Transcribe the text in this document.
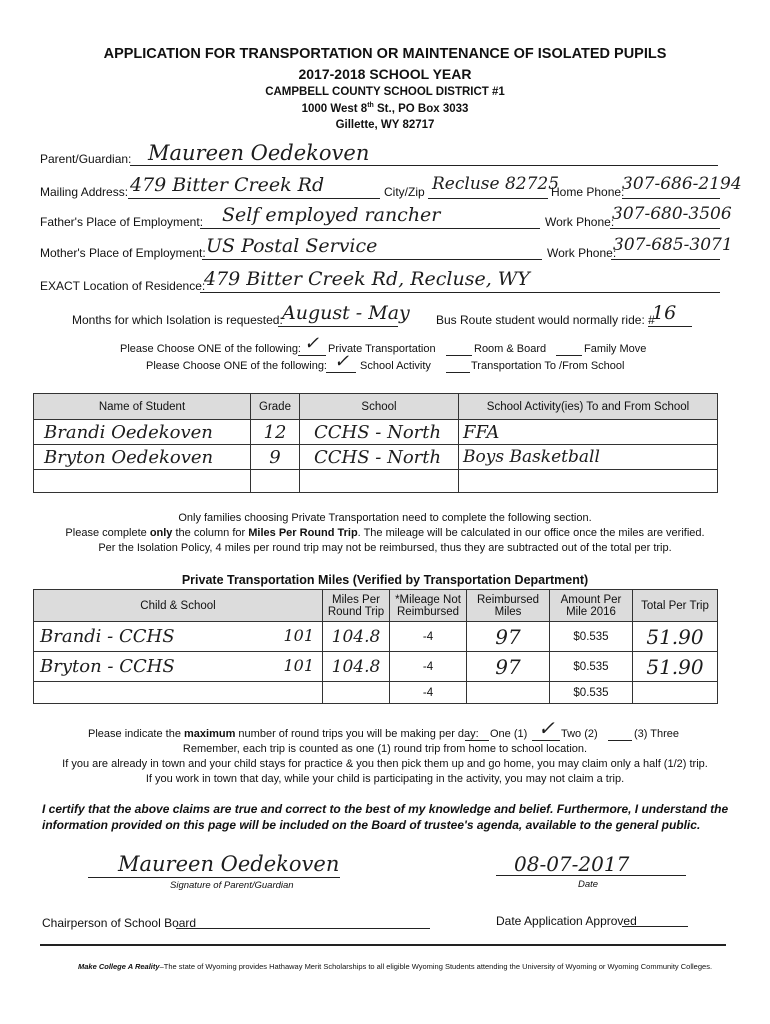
APPLICATION FOR TRANSPORTATION OR MAINTENANCE OF ISOLATED PUPILS
2017-2018 SCHOOL YEAR
CAMPBELL COUNTY SCHOOL DISTRICT #1
1000 West 8th St., PO Box 3033
Gillette, WY 82717
Parent/Guardian: Maureen Oedekoven
Mailing Address: 479 Bitter Creek Rd	City/Zip Recluse 82725
Home Phone:
307-686-2194
Father's Place of Employment: Self employed rancher	Work Phone:
307-680-3506
Mother's Place of Employment: US Postal Service	Work Phone:
307-685-3071
EXACT Location of Residence:
479 Bitter Creek Rd, Recluse, WY
Months for which Isolation is requested: August - May Bus Route student would normally ride: #
16
Please Choose ONE of the following: ✓ Private Transportation	Room & Board	Family Move
Please Choose ONE of the following: ✓ School Activity	Transportation To /From School
Name of Student	Grade	School	School Activity(ies) To and From School
Brandi Oedekoven	12	CCHS - North	FFA
Bryton Oedekoven	9	CCHS - North	Boys Basketball

Only families choosing Private Transportation need to complete the following section.
Please complete only the column for Miles Per Round Trip. The mileage will be calculated in our office once the miles are verified.
Per the Isolation Policy, 4 miles per round trip may not be reimbursed, thus they are subtracted out of the total per trip.
Private Transportation Miles (Verified by Transportation Department)
Child & School	Miles Per Round Trip	*Mileage Not Reimbursed	Reimbursed Miles	Amount Per Mile 2016	Total Per Trip
Brandi - CCHS 101	104.8	-4	97	$0.535	51.90
Bryton - CCHS 101	104.8	-4	97	$0.535	51.90
		-4		$0.535	
Please indicate the maximum number of round trips you will be making per day: One (1) ✓ Two (2)	(3) Three
Remember, each trip is counted as one (1) round trip from home to school location.
If you are already in town and your child stays for practice & you then pick them up and go home, you may claim only a half (1/2) trip.
If you work in town that day, while your child is participating in the activity, you may not claim a trip.
I certify that the above claims are true and correct to the best of my knowledge and belief. Furthermore, I understand the
information provided on this page will be included on the Board of trustee's agenda, available to the general public.
Maureen Oedekoven
Signature of Parent/Guardian
08-07-2017
Date
Chairperson of School Board	Date Application Approved
Make College A Reality–The state of Wyoming provides Hathaway Merit Scholarships to all eligible Wyoming Students attending the University of Wyoming or Wyoming Community Colleges.
